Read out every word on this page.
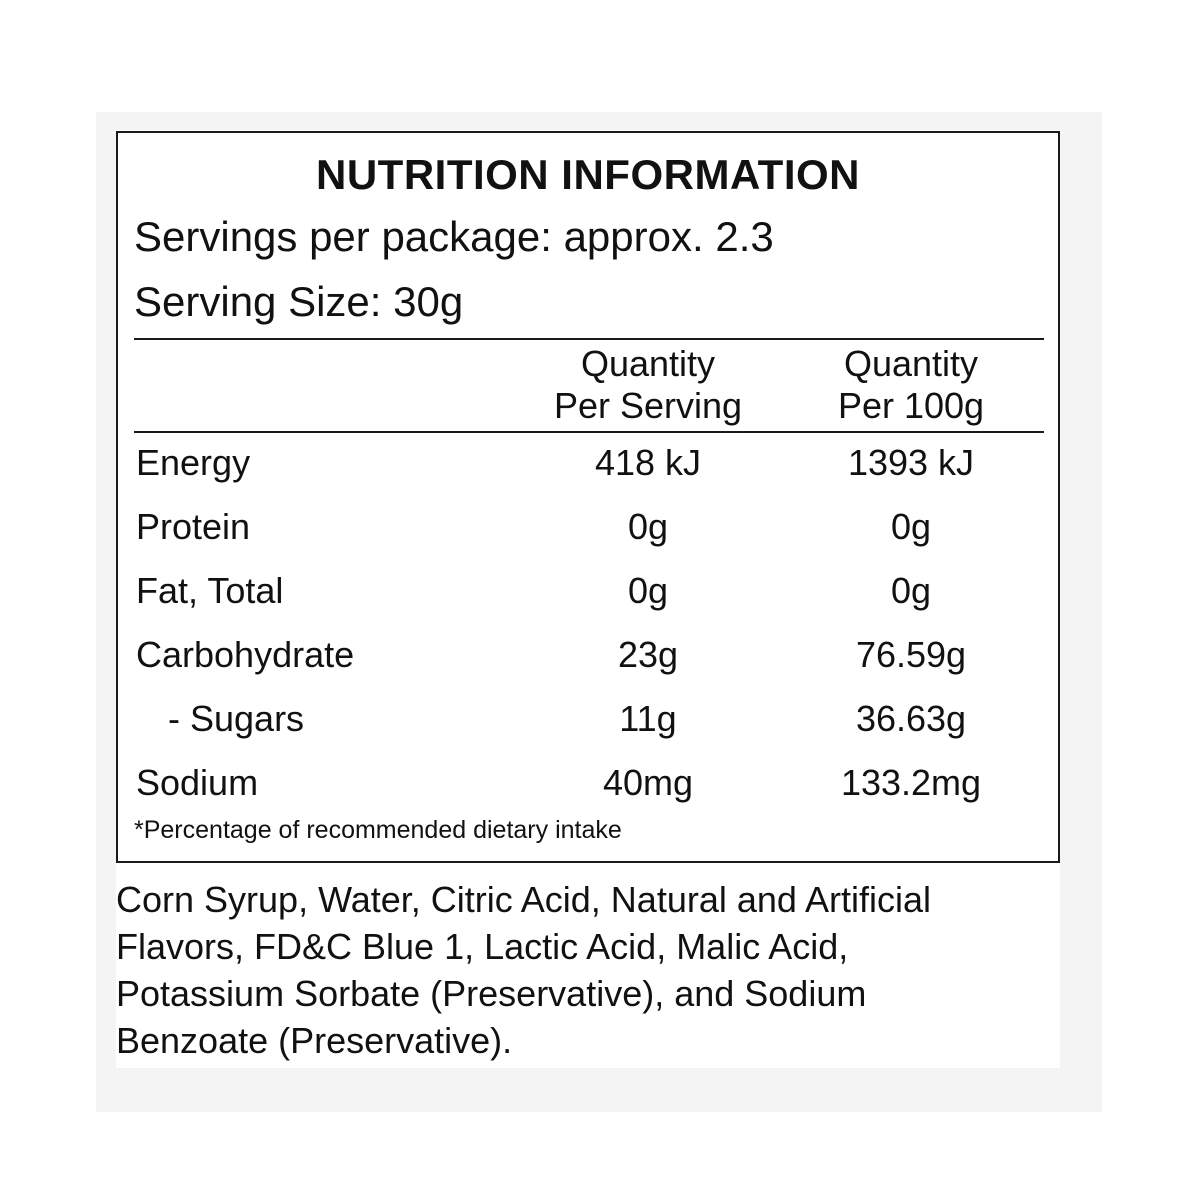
NUTRITION INFORMATION
Servings per package: approx. 2.3
Serving Size: 30g
Quantity
Per Serving
Quantity
Per 100g
Energy	418 kJ	1393 kJ
Protein	0g	0g
Fat, Total	0g	0g
Carbohydrate	23g	76.59g
- Sugars	11g	36.63g
Sodium	40mg	133.2mg
*Percentage of recommended dietary intake
Corn Syrup, Water, Citric Acid, Natural and Artificial
Flavors, FD&C Blue 1, Lactic Acid, Malic Acid,
Potassium Sorbate (Preservative), and Sodium
Benzoate (Preservative).
